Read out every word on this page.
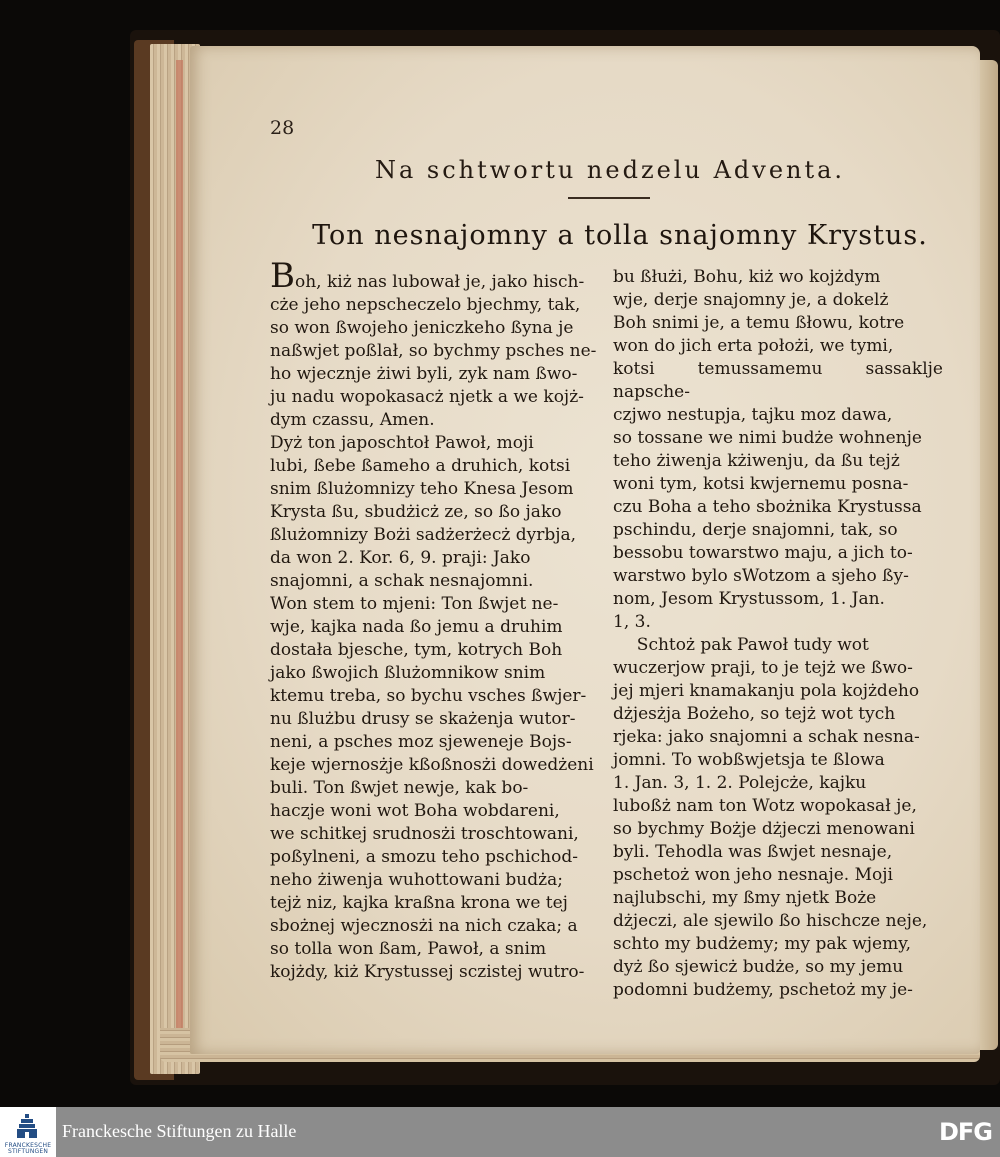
28
Na schtwortu nedzelu Adventa.
Ton nesnajomny a tolla snajomny Krystus.

Boh, kiż nas lubował je, jako hisch-
cże jeho nepscheczelo bjechmy, tak,
so won ßwojeho jeniczkeho ßyna je
naßwjet poßlał, so bychmy psches ne-
ho wjecznje żiwi byli, zyk nam ßwo-
ju nadu wopokasacż njetk a we kojż-
dym czassu, Amen.

Dyż ton japoschtoł Pawoł, moji
lubi, ßebe ßameho a druhich, kotsi
snim ßlużomnizy teho Knesa Jesom
Krysta ßu, sbudżicż ze, so ßo jako
ßlużomnizy Bożi sadżerżecż dyrbja,
da won 2. Kor. 6, 9. praji: Jako
snajomni, a schak nesnajomni.
Won stem to mjeni: Ton ßwjet ne-
wje, kajka nada ßo jemu a druhim
dostała bjesche, tym, kotrych Boh
jako ßwojich ßlużomnikow snim
ktemu treba, so bychu vsches ßwjer-
nu ßlużbu drusy se skażenja wutor-
neni, a psches moz sjeweneje Bojs-
keje wjernosżje kßoßnosżi dowedżeni
buli. Ton ßwjet newje, kak bo-
haczje woni wot Boha wobdareni,
we schitkej srudnosżi troschtowani,
poßylneni, a smozu teho pschichod-
neho żiwenja wuhottowani budża;
tejż niz, kajka kraßna krona we tej
sbożnej wjecznosżi na nich czaka; a
so tolla won ßam, Pawoł, a snim
kojżdy, kiż Krystussej sczistej wutro-

bu ßłużi, Bohu, kiż wo kojżdym
wje, derje snajomny je, a dokelż
Boh snimi je, a temu ßłowu, kotre
won do jich erta położi, we tymi,
kotsi temussamemu sassaklje napsche-
czjwo nestupja, tajku moz dawa,
so tossane we nimi budże wohnenje
teho żiwenja kżiwenju, da ßu tejż
woni tym, kotsi kwjernemu posna-
czu Boha a teho sbożnika Krystussa
pschindu, derje snajomni, tak, so
bessobu towarstwo maju, a jich to-
warstwo bylo sWotzom a sjeho ßy-
nom, Jesom Krystussom, 1. Jan.
1, 3.

Schtoż pak Pawoł tudy wot
wuczerjow praji, to je tejż we ßwo-
jej mjeri knamakanju pola kojżdeho
dżjesżja Bożeho, so tejż wot tych
rjeka: jako snajomni a schak nesna-
jomni. To wobßwjetsja te ßlowa
1. Jan. 3, 1. 2. Polejcże, kajku
luboßż nam ton Wotz wopokasał je,
so bychmy Bożje dżjeczi menowani
byli. Tehodla was ßwjet nesnaje,
pschetoż won jeho nesnaje. Moji
najlubschi, my ßmy njetk Boże
dżjeczi, ale sjewilo ßo hischcze neje,
schto my budżemy; my pak wjemy,
dyż ßo sjewicż budże, so my jemu
podomni budżemy, pschetoż my je-

FRANCKESCHE STIFTUNGEN
Franckesche Stiftungen zu Halle	DFG
